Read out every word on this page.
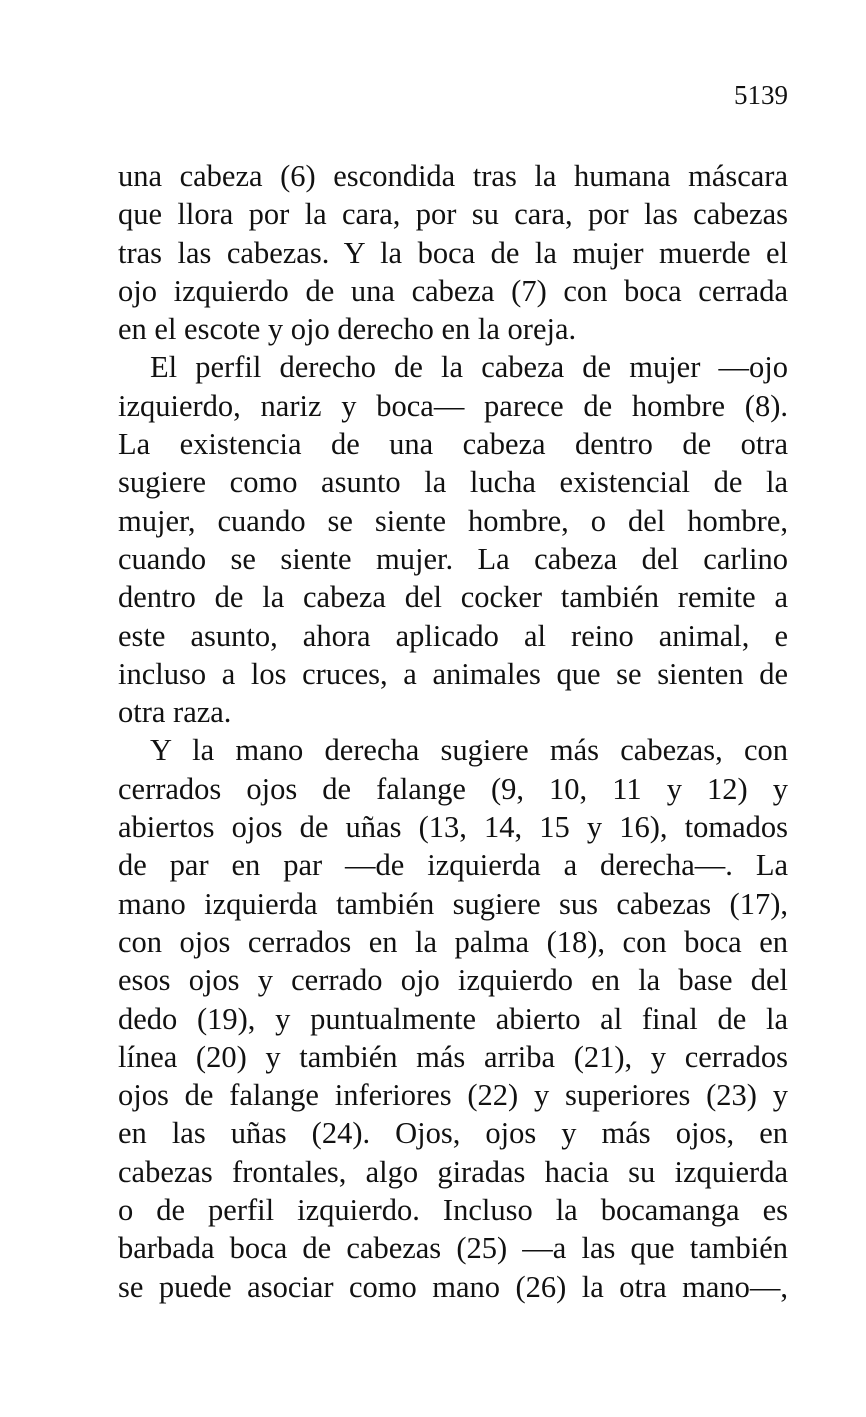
5139
una cabeza (6) escondida tras la humana máscara
que llora por la cara, por su cara, por las cabezas
tras las cabezas. Y la boca de la mujer muerde el
ojo izquierdo de una cabeza (7) con boca cerrada
en el escote y ojo derecho en la oreja.
El perfil derecho de la cabeza de mujer —ojo
izquierdo, nariz y boca— parece de hombre (8).
La existencia de una cabeza dentro de otra
sugiere como asunto la lucha existencial de la
mujer, cuando se siente hombre, o del hombre,
cuando se siente mujer. La cabeza del carlino
dentro de la cabeza del cocker también remite a
este asunto, ahora aplicado al reino animal, e
incluso a los cruces, a animales que se sienten de
otra raza.
Y la mano derecha sugiere más cabezas, con
cerrados ojos de falange (9, 10, 11 y 12) y
abiertos ojos de uñas (13, 14, 15 y 16), tomados
de par en par —de izquierda a derecha—. La
mano izquierda también sugiere sus cabezas (17),
con ojos cerrados en la palma (18), con boca en
esos ojos y cerrado ojo izquierdo en la base del
dedo (19), y puntualmente abierto al final de la
línea (20) y también más arriba (21), y cerrados
ojos de falange inferiores (22) y superiores (23) y
en las uñas (24). Ojos, ojos y más ojos, en
cabezas frontales, algo giradas hacia su izquierda
o de perfil izquierdo. Incluso la bocamanga es
barbada boca de cabezas (25) —a las que también
se puede asociar como mano (26) la otra mano—,
